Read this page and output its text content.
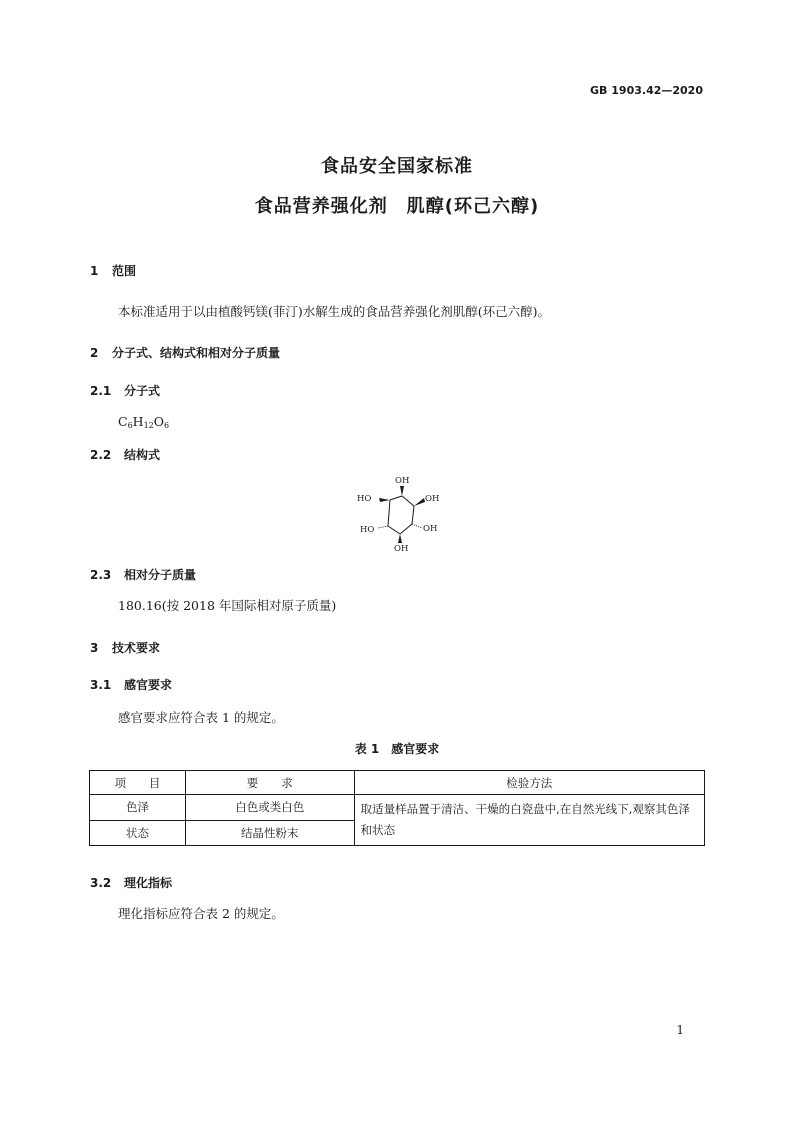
GB 1903.42—2020
食品安全国家标准
食品营养强化剂　肌醇(环己六醇)
1 范围
本标准适用于以由植酸钙镁(菲汀)水解生成的食品营养强化剂肌醇(环己六醇)。
2 分子式、结构式和相对分子质量
2.1 分子式
$C_6H_{12}O_6$
2.2 结构式
OH
OH
HO
OH
HO
OH
2.3 相对分子质量
180.16(按 2018 年国际相对原子质量)
3 技术要求
3.1 感官要求
感官要求应符合表 1 的规定。
表 1　感官要求
项　　目	要　　求	检验方法
色泽	白色或类白色	取适量样品置于清洁、干燥的白瓷盘中,在自然光线下,观察其色泽和状态
状态	结晶性粉末	
3.2 理化指标
理化指标应符合表 2 的规定。
1
